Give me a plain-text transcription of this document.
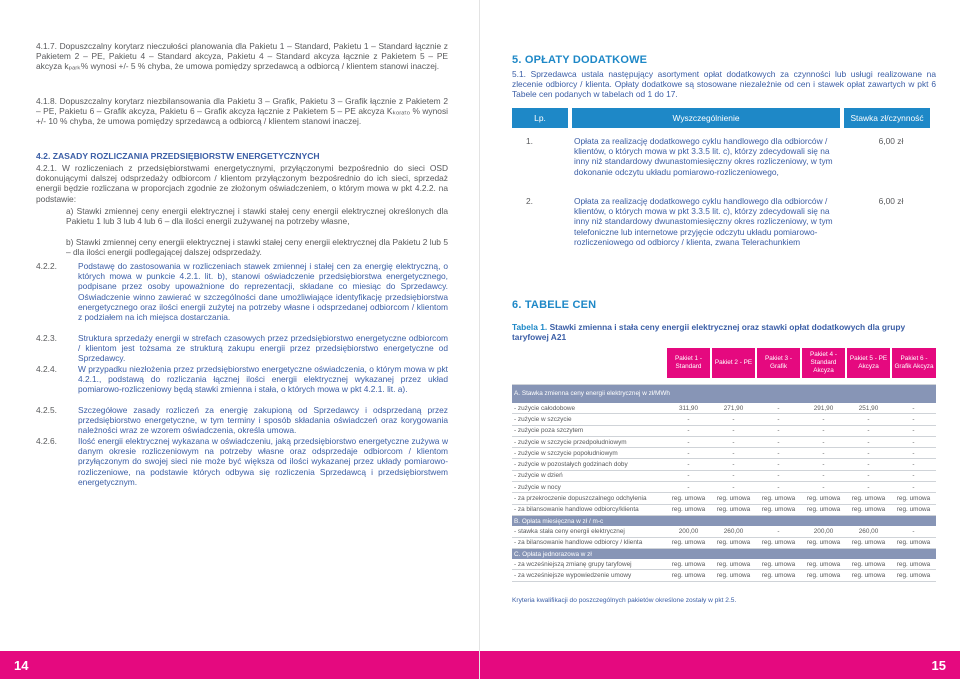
4.1.7. Dopuszczalny korytarz nieczułości planowania dla Pakietu 1 – Standard, Pakietu 1 – Standard łącznie z Pakietem 2 – PE, Pakietu 4 – Standard akcyza, Pakietu 4 – Standard akcyza łącznie z Pakietem 5 – PE akcyza kₚₐᵣₖ% wynosi +/- 5 % chyba, że umowa pomiędzy sprzedawcą a odbiorcą / klientem stanowi inaczej.
4.1.8. Dopuszczalny korytarz niezbilansowania dla Pakietu 3 – Grafik, Pakietu 3 – Grafik łącznie z Pakietem 2 – PE, Pakietu 6 – Grafik akcyza, Pakietu 6 – Grafik akcyza łącznie z Pakietem 5 – PE akcyza Kₖₒᵣₐₜₒ % wynosi +/- 10 % chyba, że umowa pomiędzy sprzedawcą a odbiorcą / klientem stanowi inaczej.
4.2. ZASADY ROZLICZANIA PRZEDSIĘBIORSTW ENERGETYCZNYCH
4.2.1. W rozliczeniach z przedsiębiorstwami energetycznymi, przyłączonymi bezpośrednio do sieci OSD dokonującymi dalszej odsprzedaży odbiorcom / klientom przyłączonym bezpośrednio do ich sieci, sprzedaż energii będzie rozliczana w proporcjach zgodnie ze złożonym oświadczeniem, o którym mowa w pkt 4.2.2. na podstawie:
a) Stawki zmiennej ceny energii elektrycznej i stawki stałej ceny energii elektrycznej określonych dla Pakietu 1 lub 3 lub 4 lub 6 – dla ilości energii zużywanej na potrzeby własne,
b) Stawki zmiennej ceny energii elektrycznej i stawki stałej ceny energii elektrycznej dla Pakietu 2 lub 5 – dla ilości energii podlegającej dalszej odsprzedaży.
4.2.2.	Podstawę do zastosowania w rozliczeniach stawek zmiennej i stałej cen za energię elektryczną, o których mowa w punkcie 4.2.1. lit. b), stanowi oświadczenie przedsiębiorstwa energetycznego, podpisane przez osoby upoważnione do reprezentacji, składane co miesiąc do Sprzedawcy. Oświadczenie winno zawierać w szczególności dane umożliwiające identyfikację przedsiębiorstwa energetycznego oraz ilości energii zużytej na potrzeby własne i odsprzedanej odbiorcom / klientom z podziałem na ich miejsca dostarczania.
4.2.3.	Struktura sprzedaży energii w strefach czasowych przez przedsiębiorstwo energetyczne odbiorcom / klientom jest tożsama ze strukturą zakupu energii przez przedsiębiorstwo energetyczne od Sprzedawcy.
4.2.4.	W przypadku niezłożenia przez przedsiębiorstwo energetyczne oświadczenia, o którym mowa w pkt 4.2.1., podstawą do rozliczania łącznej ilości energii elektrycznej wykazanej przez układ pomiarowo-rozliczeniowy będą stawki zmienna i stała, o których mowa w pkt 4.2.1. lit. a).
4.2.5.	Szczegółowe zasady rozliczeń za energię zakupioną od Sprzedawcy i odsprzedaną przez przedsiębiorstwo energetyczne, w tym terminy i sposób składania oświadczeń oraz korygowania należności wraz ze wzorem oświadczenia, określa umowa.
4.2.6.	Ilość energii elektrycznej wykazana w oświadczeniu, jaką przedsiębiorstwo energetyczne zużywa w danym okresie rozliczeniowym na potrzeby własne oraz odsprzedaje odbiorcom / klientom przyłączonym do swojej sieci nie może być większa od ilości wykazanej przez układy pomiarowo-rozliczeniowe, na podstawie których odbywa się rozliczenia Sprzedawcą i przedsiębiorstwem energetycznym.
14
5. OPŁATY DODATKOWE
5.1. Sprzedawca ustala następujący asortyment opłat dodatkowych za czynności lub usługi realizowane na zlecenie odbiorcy / klienta. Opłaty dodatkowe są stosowane niezależnie od cen i stawek opłat zawartych w pkt 6 Tabele cen podanych w tabelach od 1 do 17.
Lp.	Wyszczególnienie	Stawka zł/czynność
1.	Opłata za realizację dodatkowego cyklu handlowego dla odbiorców / klientów, o których mowa w pkt 3.3.5 lit. c), którzy zdecydowali się na inny niż standardowy dwunastomiesięczny okres rozliczeniowy, w tym dokonanie odczytu układu pomiarowo-rozliczeniowego,
6,00 zł
2.	Opłata za realizację dodatkowego cyklu handlowego dla odbiorców / klientów, o których mowa w pkt 3.3.5 lit. c), którzy zdecydowali się na inny niż standardowy dwunastomiesięczny okres rozliczeniowy, w tym telefoniczne lub internetowe przyjęcie odczytu układu pomiarowo-rozliczeniowego od odbiorcy / klienta, zwana Telerachunkiem
6,00 zł
6. TABELE CEN
Tabela 1. Stawki zmienna i stała ceny energii elektrycznej oraz stawki opłat dodatkowych dla grupy taryfowej A21
	Pakiet 1 - Standard	Pakiet 2 - PE	Pakiet 3 - Grafik	Pakiet 4 - Standard Akcyza	Pakiet 5 - PE Akcyza	Pakiet 6 - Grafik Akcyza

A. Stawka zmienna ceny energii elektrycznej w zł/MWh						
- zużycie całodobowe	311,90	271,90	-	291,90	251,90	-
- zużycie w szczycie	-	-	-	-	-	-
- zużycie poza szczytem	-	-	-	-	-	-
- zużycie w szczycie przedpołudniowym	-	-	-	-	-	-
- zużycie w szczycie popołudniowym	-	-	-	-	-	-
- zużycie w pozostałych godzinach doby	-	-	-	-	-	-
- zużycie w dzień	-	-	-	-	-	-
- zużycie w nocy	-	-	-	-	-	-
- za przekroczenie dopuszczalnego odchylenia	reg. umowa	reg. umowa	reg. umowa	reg. umowa	reg. umowa	reg. umowa
- za bilansowanie handlowe odbiorcy/klienta	reg. umowa	reg. umowa	reg. umowa	reg. umowa	reg. umowa	reg. umowa
B. Opłata miesięczna w zł / m-c						
- stawka stała ceny energii elektrycznej	200,00	260,00	-	200,00	260,00	-
- za bilansowanie handlowe odbiorcy / klienta	reg. umowa	reg. umowa	reg. umowa	reg. umowa	reg. umowa	reg. umowa
C. Opłata jednorazowa w zł						
- za wcześniejszą zmianę grupy taryfowej	reg. umowa	reg. umowa	reg. umowa	reg. umowa	reg. umowa	reg. umowa
- za wcześniejsze wypowiedzenie umowy	reg. umowa	reg. umowa	reg. umowa	reg. umowa	reg. umowa	reg. umowa
Kryteria kwalifikacji do poszczególnych pakietów określone zostały w pkt 2.5.
15
